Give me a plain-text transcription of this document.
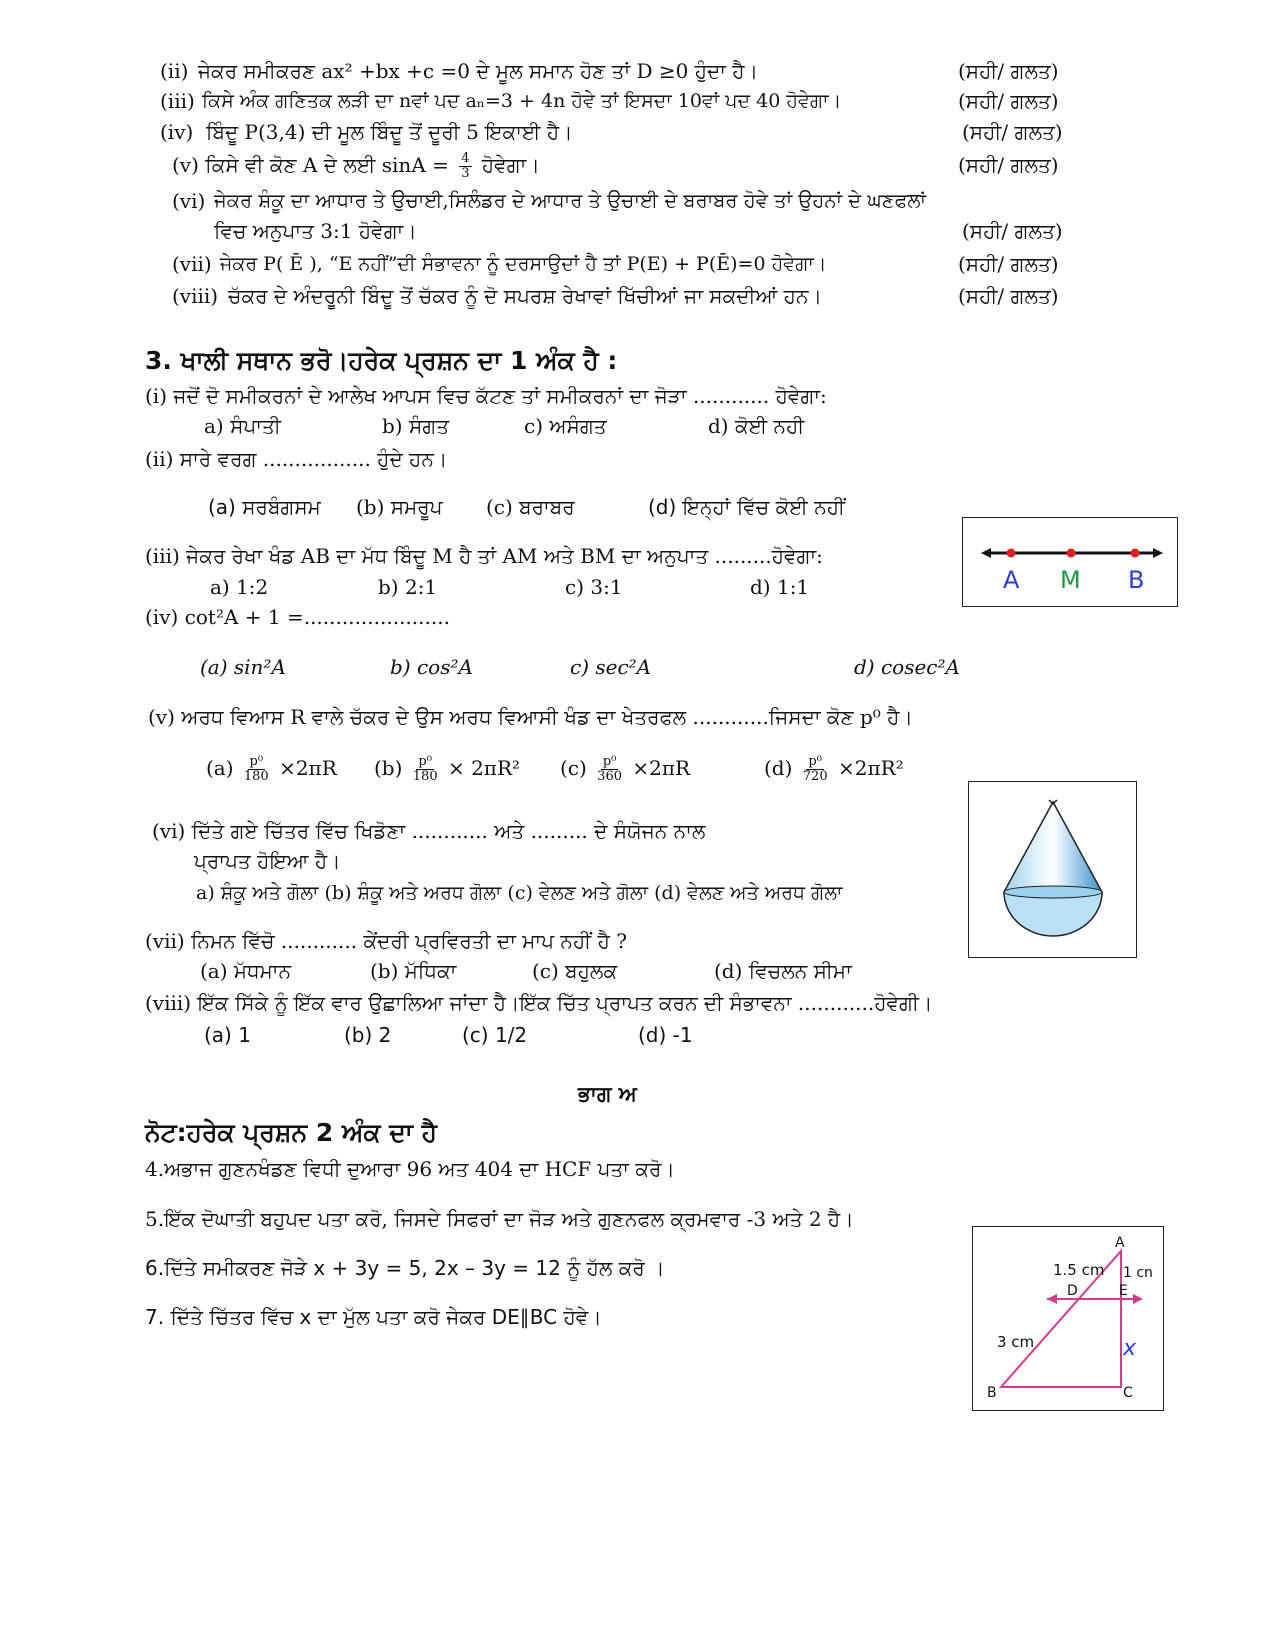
(ii) ਜੇਕਰ ਸਮੀਕਰਣ ax² +bx +c =0 ਦੇ ਮੂਲ ਸਮਾਨ ਹੋਣ ਤਾਂ D ≥0 ਹੁੰਦਾ ਹੈ।	(ਸਹੀ/ ਗਲਤ)
(iii) ਕਿਸੇ ਅੰਕ ਗਣਿਤਕ ਲੜੀ ਦਾ nਵਾਂ ਪਦ aₙ=3 + 4n ਹੋਵੇ ਤਾਂ ਇਸਦਾ 10ਵਾਂ ਪਦ 40 ਹੋਵੇਗਾ।	(ਸਹੀ/ ਗਲਤ)
(iv) ਬਿੰਦੂ P(3,4) ਦੀ ਮੂਲ ਬਿੰਦੂ ਤੋਂ ਦੂਰੀ 5 ਇਕਾਈ ਹੈ।	(ਸਹੀ/ ਗਲਤ)
(v) ਕਿਸੇ ਵੀ ਕੋਣ A ਦੇ ਲਈ $\sin A = \frac{4}{3}$ ਹੋਵੇਗਾ।	(ਸਹੀ/ ਗਲਤ)
(vi) ਜੇਕਰ ਸ਼ੰਕੂ ਦਾ ਆਧਾਰ ਤੇ ਉਚਾਈ,ਸਿਲੰਡਰ ਦੇ ਆਧਾਰ ਤੇ ਉਚਾਈ ਦੇ ਬਰਾਬਰ ਹੋਵੇ ਤਾਂ ਉਹਨਾਂ ਦੇ ਘਣਫਲਾਂ
ਵਿਚ ਅਨੁਪਾਤ 3:1 ਹੋਵੇਗਾ।	(ਸਹੀ/ ਗਲਤ)
(vii) ਜੇਕਰ P( Ē ), “E ਨਹੀਂ”ਦੀ ਸੰਭਾਵਨਾ ਨੂੰ ਦਰਸਾਉਦਾਂ ਹੈ ਤਾਂ P(E) + P(Ē)=0 ਹੋਵੇਗਾ।	(ਸਹੀ/ ਗਲਤ)
(viii) ਚੱਕਰ ਦੇ ਅੰਦਰੂਨੀ ਬਿੰਦੂ ਤੋਂ ਚੱਕਰ ਨੂੰ ਦੋ ਸਪਰਸ਼ ਰੇਖਾਵਾਂ ਖਿੱਚੀਆਂ ਜਾ ਸਕਦੀਆਂ ਹਨ।	(ਸਹੀ/ ਗਲਤ)
3. ਖਾਲੀ ਸਥਾਨ ਭਰੋ।ਹਰੇਕ ਪ੍ਰਸ਼ਨ ਦਾ 1 ਅੰਕ ਹੈ :
(i) ਜਦੋਂ ਦੋ ਸਮੀਕਰਨਾਂ ਦੇ ਆਲੇਖ ਆਪਸ ਵਿਚ ਕੱਟਣ ਤਾਂ ਸਮੀਕਰਨਾਂ ਦਾ ਜੋੜਾ ............ ਹੋਵੇਗਾ:
a) ਸੰਪਾਤੀ	b) ਸੰਗਤ	c) ਅਸੰਗਤ	d) ਕੋਈ ਨਹੀ
(ii) ਸਾਰੇ ਵਰਗ ................. ਹੁੰਦੇ ਹਨ।
(a) ਸਰਬੰਗਸਮ (b) ਸਮਰੂਪ (c) ਬਰਾਬਰ	(d) ਇਨ੍ਹਾਂ ਵਿੱਚ ਕੋਈ ਨਹੀਂ
(iii) ਜੇਕਰ ਰੇਖਾ ਖੰਡ AB ਦਾ ਮੱਧ ਬਿੰਦੂ M ਹੈ ਤਾਂ AM ਅਤੇ BM ਦਾ ਅਨੁਪਾਤ .........ਹੋਵੇਗਾ:
a) 1:2	b) 2:1	c) 3:1	d) 1:1	A M B
(iv) cot²A + 1 =.......................
(a) sin²A	b) cos²A	c) sec²A	d) cosec²A
(v) ਅਰਧ ਵਿਆਸ R ਵਾਲੇ ਚੱਕਰ ਦੇ ਉਸ ਅਰਧ ਵਿਆਸੀ ਖੰਡ ਦਾ ਖੇਤਰਫਲ ............ਜਿਸਦਾ ਕੋਣ p⁰ ਹੈ।
$(a) \frac{\text{p⁰}}{180} \times 2\pi R$ $(b) \frac{\text{p⁰}}{180} \times 2\pi R^2$ $(c) \frac{\text{p⁰}}{360} \times 2\pi R$	$(d) \frac{\text{p⁰}}{720} \times 2\pi R^2$
(vi) ਦਿੱਤੇ ਗਏ ਚਿੱਤਰ ਵਿੱਚ ਖਿਡੋਣਾ ............ ਅਤੇ ......... ਦੇ ਸੰਯੋਜਨ ਨਾਲ
ਪ੍ਰਾਪਤ ਹੋਇਆ ਹੈ।
a) ਸ਼ੰਕੂ ਅਤੇ ਗੋਲਾ (b) ਸ਼ੰਕੂ ਅਤੇ ਅਰਧ ਗੋਲਾ (c) ਵੇਲਣ ਅਤੇ ਗੋਲਾ (d) ਵੇਲਣ ਅਤੇ ਅਰਧ ਗੋਲਾ
(vii) ਨਿਮਨ ਵਿੱਚੋ ............ ਕੇਂਦਰੀ ਪ੍ਰਵਿਰਤੀ ਦਾ ਮਾਪ ਨਹੀਂ ਹੈ ?
(a) ਮੱਧਮਾਨ	(b) ਮੱਧਿਕਾ	(c) ਬਹੁਲਕ	(d) ਵਿਚਲਨ ਸੀਮਾ
(viii) ਇੱਕ ਸਿੱਕੇ ਨੂੰ ਇੱਕ ਵਾਰ ਉਛਾਲਿਆ ਜਾਂਦਾ ਹੈ।ਇੱਕ ਚਿੱਤ ਪ੍ਰਾਪਤ ਕਰਨ ਦੀ ਸੰਭਾਵਨਾ ............ਹੋਵੇਗੀ।
(a) 1	(b) 2	(c) 1/2	(d) -1
ਭਾਗ ਅ
ਨੋਟ:ਹਰੇਕ ਪ੍ਰਸ਼ਨ 2 ਅੰਕ ਦਾ ਹੈ
4.ਅਭਾਜ ਗੁਣਨਖੰਡਣ ਵਿਧੀ ਦੁਆਰਾ 96 ਅਤ 404 ਦਾ HCF ਪਤਾ ਕਰੋ।
5.ਇੱਕ ਦੋਘਾਤੀ ਬਹੁਪਦ ਪਤਾ ਕਰੋ, ਜਿਸਦੇ ਸਿਫਰਾਂ ਦਾ ਜੋੜ ਅਤੇ ਗੁਣਨਫਲ ਕ੍ਰਮਵਾਰ -3 ਅਤੇ 2 ਹੈ।
6.ਦਿੱਤੇ ਸਮੀਕਰਣ ਜੋੜੇ x + 3y = 5, 2x – 3y = 12 ਨੂੰ ਹੱਲ ਕਰੋ ।
7. ਦਿੱਤੇ ਚਿੱਤਰ ਵਿੱਚ x ਦਾ ਮੁੱਲ ਪਤਾ ਕਰੋ ਜੇਕਰ DE∥BC ਹੋਵੇ।
A
B	C
D	E
1.5 cm 1 cn
3 cm	x
